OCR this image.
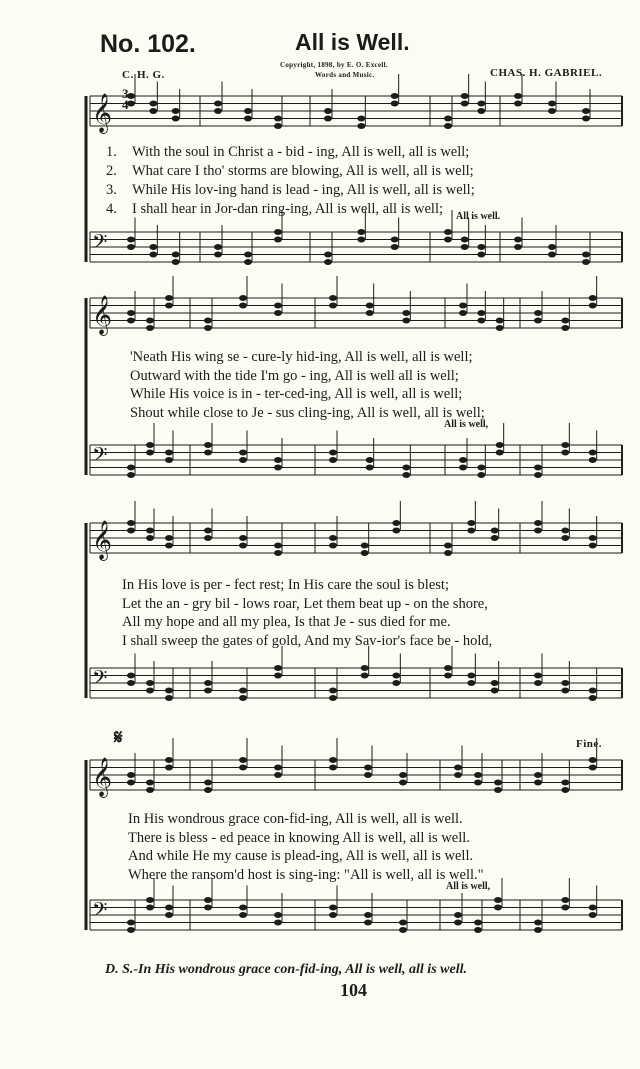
No. 102.	All is Well.
C. H. G.
Copyright, 1898, by E. O. Excell.
Words and Music.	CHAS. H. GABRIEL.
𝄞
𝄢
𝄞
𝄢
𝄞
𝄢
𝄞
𝄢
3
4
1. With the soul in Christ a - bid - ing, All is well, all is well;
2. What care I tho' storms are blowing, All is well, all is well;
3. While His lov-ing hand is lead - ing, All is well, all is well;
4. I shall hear in Jor-dan ring-ing, All is well, all is well;	All is well.
'Neath His wing se - cure-ly hid-ing, All is well, all is well;
Outward with the tide I'm go - ing, All is well all is well;
While His voice is in - ter-ced-ing, All is well, all is well;
Shout while close to Je - sus cling-ing, All is well, all is well;
All is well,
In His love is per - fect rest; In His care the soul is blest;
Let the an - gry bil - lows roar, Let them beat up - on the shore,
All my hope and all my plea, Is that Je - sus died for me.
I shall sweep the gates of gold, And my Sav-ior's face be - hold,
𝄋	Fine.
In His wondrous grace con-fid-ing, All is well, all is well.
There is bless - ed peace in knowing All is well, all is well.
And while He my cause is plead-ing, All is well, all is well.
Where the ransom'd host is sing-ing: "All is well, all is well."
All is well,
D. S.-In His wondrous grace con-fid-ing, All is well, all is well.
104
